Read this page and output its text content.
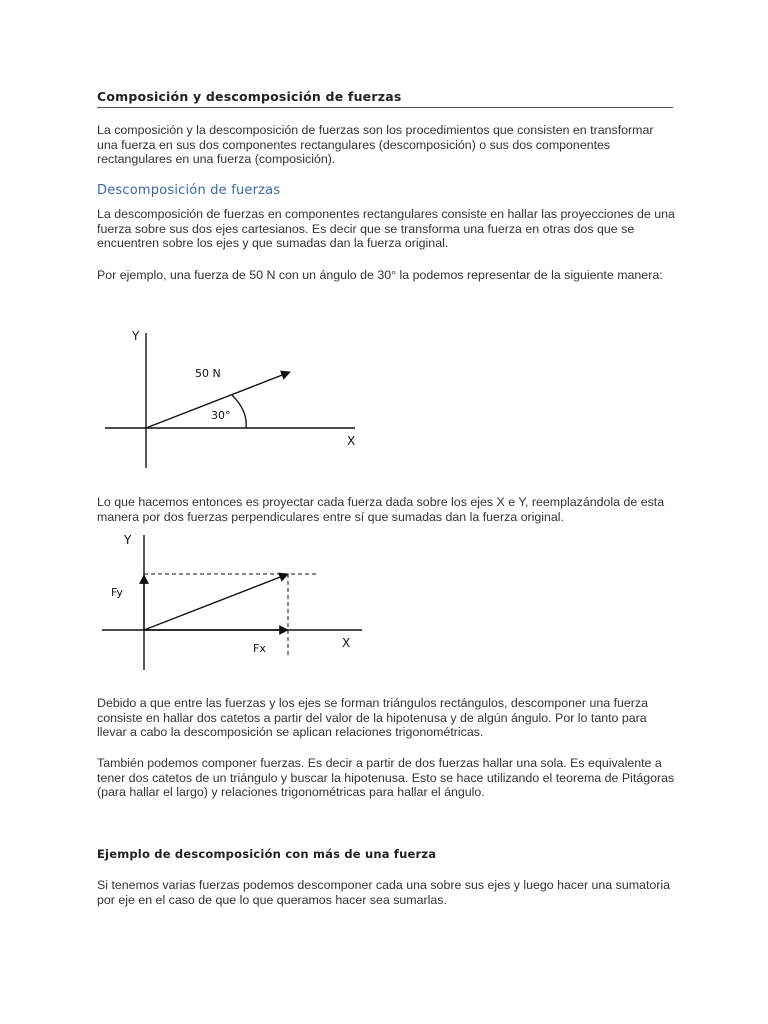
Composición y descomposición de fuerzas

La composición y la descomposición de fuerzas son los procedimientos que consisten en transformar una fuerza en sus dos componentes rectangulares (descomposición) o sus dos componentes rectangulares en una fuerza (composición).

Descomposición de fuerzas

La descomposición de fuerzas en componentes rectangulares consiste en hallar las proyecciones de una fuerza sobre sus dos ejes cartesianos. Es decir que se transforma una fuerza en otras dos que se encuentren sobre los ejes y que sumadas dan la fuerza original.

Por ejemplo, una fuerza de 50 N con un ángulo de 30° la podemos representar de la siguiente manera:

Y
X
50 N
30°

Lo que hacemos entonces es proyectar cada fuerza dada sobre los ejes X e Y, reemplazándola de esta manera por dos fuerzas perpendiculares entre sí que sumadas dan la fuerza original.

Y
X
Fy
Fx

Debido a que entre las fuerzas y los ejes se forman triángulos rectángulos, descomponer una fuerza consiste en hallar dos catetos a partir del valor de la hipotenusa y de algún ángulo. Por lo tanto para llevar a cabo la descomposición se aplican relaciones trigonométricas.

También podemos componer fuerzas. Es decir a partir de dos fuerzas hallar una sola. Es equivalente a tener dos catetos de un triángulo y buscar la hipotenusa. Esto se hace utilizando el teorema de Pitágoras (para hallar el largo) y relaciones trigonométricas para hallar el ángulo.

Ejemplo de descomposición con más de una fuerza

Si tenemos varias fuerzas podemos descomponer cada una sobre sus ejes y luego hacer una sumatoria por eje en el caso de que lo que queramos hacer sea sumarlas.
